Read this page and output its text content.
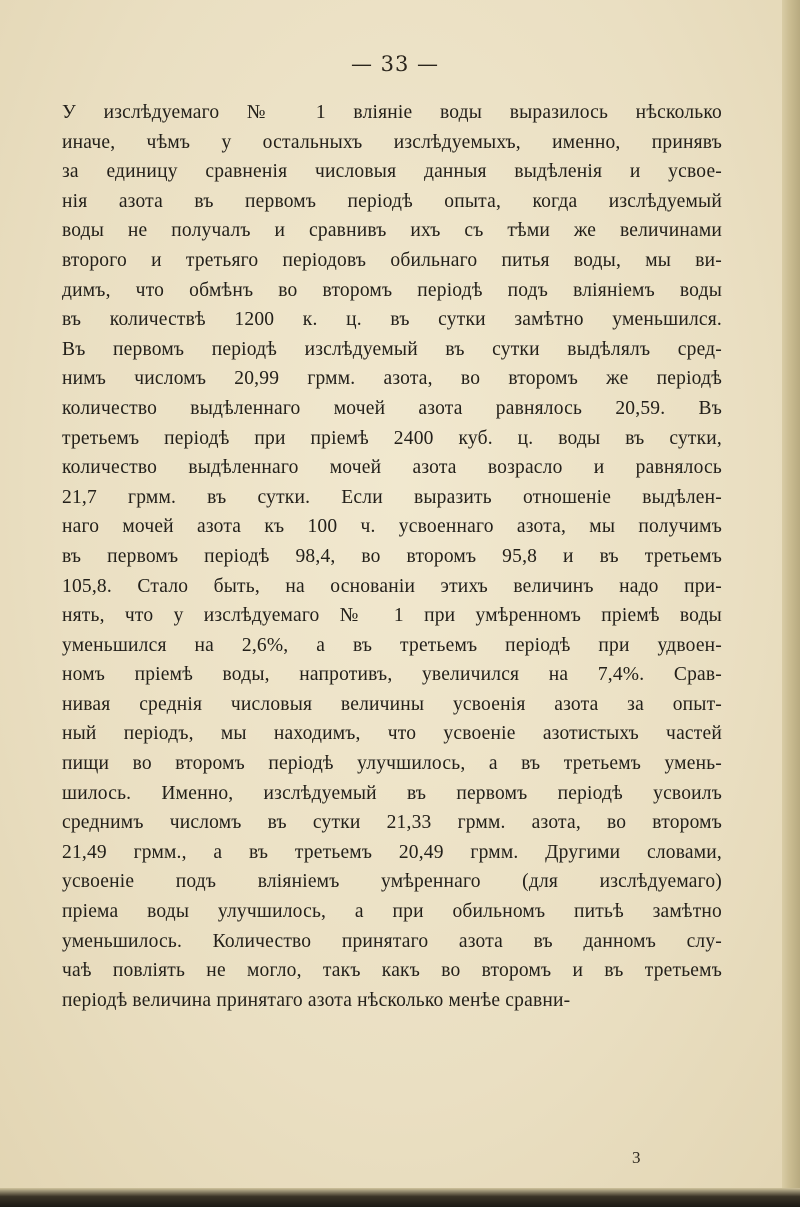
— 33 —
У изслѣдуемаго № 1 вліяніе воды выразилось нѣсколько
иначе, чѣмъ у остальныхъ изслѣдуемыхъ, именно, принявъ
за единицу сравненія числовыя данныя выдѣленія и усвое-
нія азота въ первомъ періодѣ опыта, когда изслѣдуемый
воды не получалъ и сравнивъ ихъ съ тѣми же величинами
второго и третьяго періодовъ обильнаго питья воды, мы ви-
димъ, что обмѣнъ во второмъ періодѣ подъ вліяніемъ воды
въ количествѣ 1200 к. ц. въ сутки замѣтно уменьшился.
Въ первомъ періодѣ изслѣдуемый въ сутки выдѣлялъ сред-
нимъ числомъ 20,99 грмм. азота, во второмъ же періодѣ
количество выдѣленнаго мочей азота равнялось 20,59. Въ
третьемъ періодѣ при пріемѣ 2400 куб. ц. воды въ сутки,
количество выдѣленнаго мочей азота возрасло и равнялось
21,7 грмм. въ сутки. Если выразить отношеніе выдѣлен-
наго мочей азота къ 100 ч. усвоеннаго азота, мы получимъ
въ первомъ періодѣ 98,4, во второмъ 95,8 и въ третьемъ
105,8. Стало быть, на основаніи этихъ величинъ надо при-
нять, что у изслѣдуемаго № 1 при умѣренномъ пріемѣ воды
уменьшился на 2,6%, а въ третьемъ періодѣ при удвоен-
номъ пріемѣ воды, напротивъ, увеличился на 7,4%. Срав-
нивая среднія числовыя величины усвоенія азота за опыт-
ный періодъ, мы находимъ, что усвоеніе азотистыхъ частей
пищи во второмъ періодѣ улучшилось, а въ третьемъ умень-
шилось. Именно, изслѣдуемый въ первомъ періодѣ усвоилъ
среднимъ числомъ въ сутки 21,33 грмм. азота, во второмъ
21,49 грмм., а въ третьемъ 20,49 грмм. Другими словами,
усвоеніе подъ вліяніемъ умѣреннаго (для изслѣдуемаго)
пріема воды улучшилось, а при обильномъ питьѣ замѣтно
уменьшилось. Количество принятаго азота въ данномъ слу-
чаѣ повліять не могло, такъ какъ во второмъ и въ третьемъ
періодѣ величина принятаго азота нѣсколько менѣе сравни-
3
